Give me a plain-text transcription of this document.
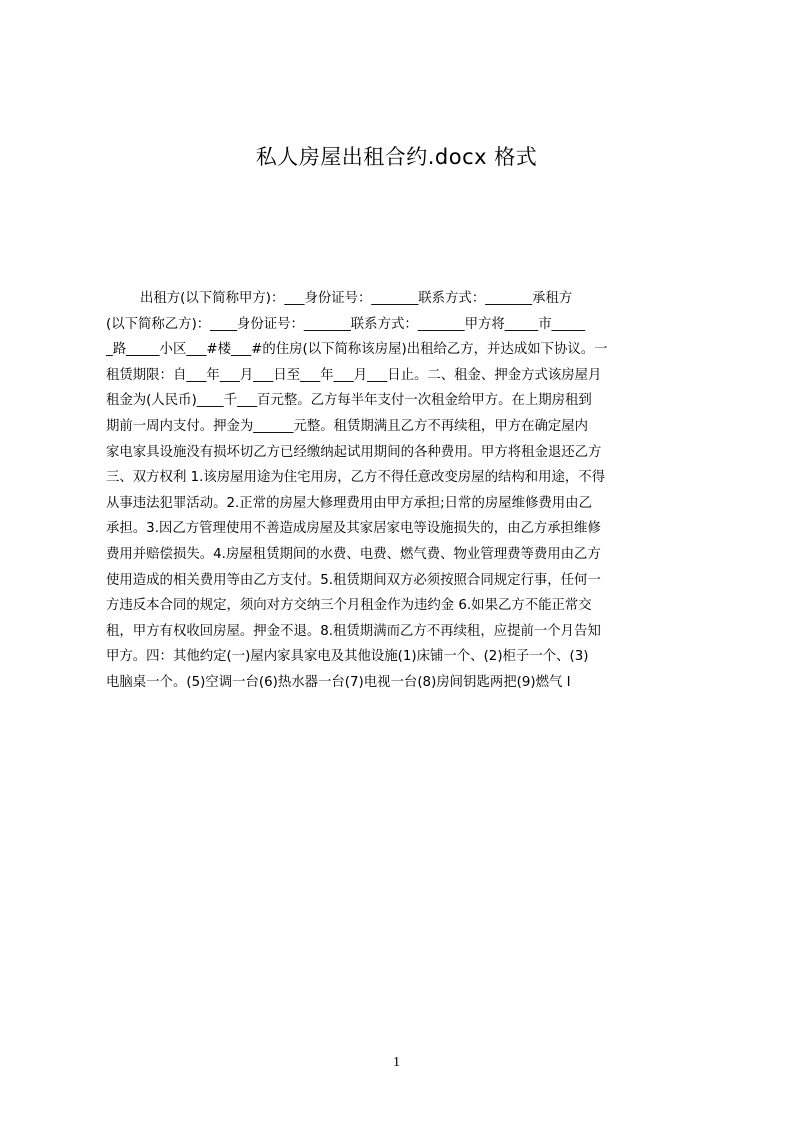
私人房屋出租合约.docx 格式
出租方(以下简称甲方)：___身份证号：_______联系方式：_______承租方
(以下简称乙方)：____身份证号：_______联系方式：_______甲方将_____市_____
_路_____小区___#楼___#的住房(以下简称该房屋)出租给乙方，并达成如下协议。一
租赁期限：自___年___月___日至___年___月___日止。二、租金、押金方式该房屋月
租金为(人民币)____千___百元整。乙方每半年支付一次租金给甲方。在上期房租到
期前一周内支付。押金为______元整。租赁期满且乙方不再续租，甲方在确定屋内
家电家具设施没有损坏切乙方已经缴纳起试用期间的各种费用。甲方将租金退还乙方
三、双方权利 1.该房屋用途为住宅用房，乙方不得任意改变房屋的结构和用途，不得
从事违法犯罪活动。2.正常的房屋大修理费用由甲方承担;日常的房屋维修费用由乙
承担。3.因乙方管理使用不善造成房屋及其家居家电等设施损失的，由乙方承担维修
费用并赔偿损失。4.房屋租赁期间的水费、电费、燃气费、物业管理费等费用由乙方
使用造成的相关费用等由乙方支付。5.租赁期间双方必须按照合同规定行事，任何一
方违反本合同的规定，须向对方交纳三个月租金作为违约金 6.如果乙方不能正常交
租，甲方有权收回房屋。押金不退。8.租赁期满而乙方不再续租，应提前一个月告知
甲方。四：其他约定(一)屋内家具家电及其他设施(1)床铺一个、(2)柜子一个、(3)
电脑桌一个。(5)空调一台(6)热水器一台(7)电视一台(8)房间钥匙两把(9)燃气 I
1
